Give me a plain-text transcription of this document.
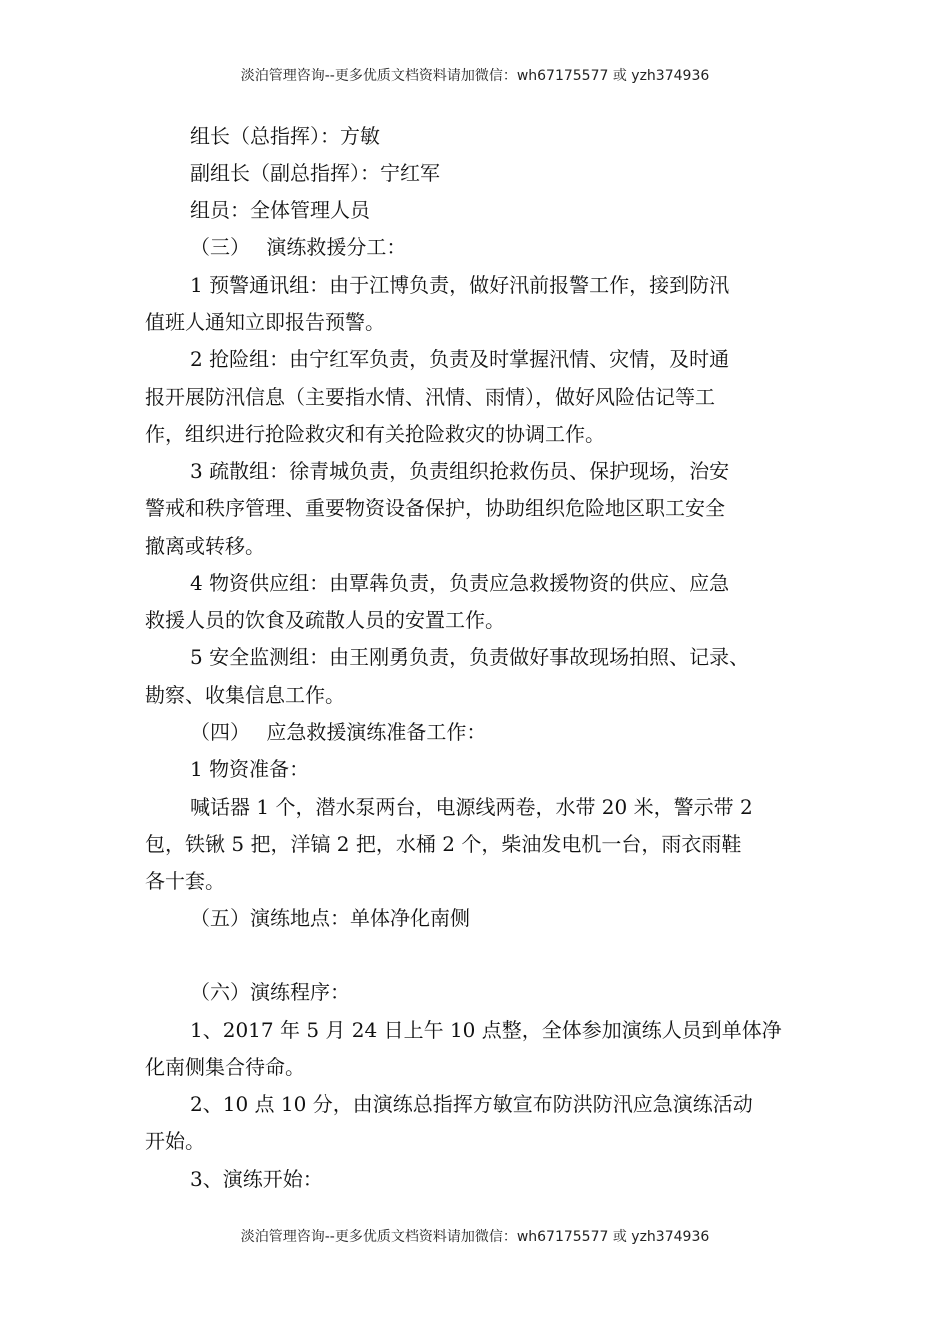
淡泊管理咨询--更多优质文档资料请加微信：wh67175577 或 yzh374936
组长（总指挥）：方敏
副组长（副总指挥）：宁红军
组员：全体管理人员
（三）　 演练救援分工：
1 预警通讯组：由于江博负责，做好汛前报警工作，接到防汛
值班人通知立即报告预警。
2 抢险组：由宁红军负责，负责及时掌握汛情、灾情，及时通
报开展防汛信息（主要指水情、汛情、雨情），做好风险估记等工
作，组织进行抢险救灾和有关抢险救灾的协调工作。
3 疏散组：徐青城负责，负责组织抢救伤员、保护现场，治安
警戒和秩序管理、重要物资设备保护，协助组织危险地区职工安全
撤离或转移。
4 物资供应组：由覃犇负责，负责应急救援物资的供应、应急
救援人员的饮食及疏散人员的安置工作。
5 安全监测组：由王刚勇负责，负责做好事故现场拍照、记录、
勘察、收集信息工作。
（四）　 应急救援演练准备工作：
1 物资准备：
喊话器 1 个，潜水泵两台，电源线两卷，水带 20 米，警示带 2
包，铁锹 5 把，洋镐 2 把，水桶 2 个，柴油发电机一台，雨衣雨鞋
各十套。
（五）演练地点：单体净化南侧
（六）演练程序：
1、2017 年 5 月 24 日上午 10 点整，全体参加演练人员到单体净
化南侧集合待命。
2、10 点 10 分，由演练总指挥方敏宣布防洪防汛应急演练活动
开始。
3、演练开始：
淡泊管理咨询--更多优质文档资料请加微信：wh67175577 或 yzh374936
